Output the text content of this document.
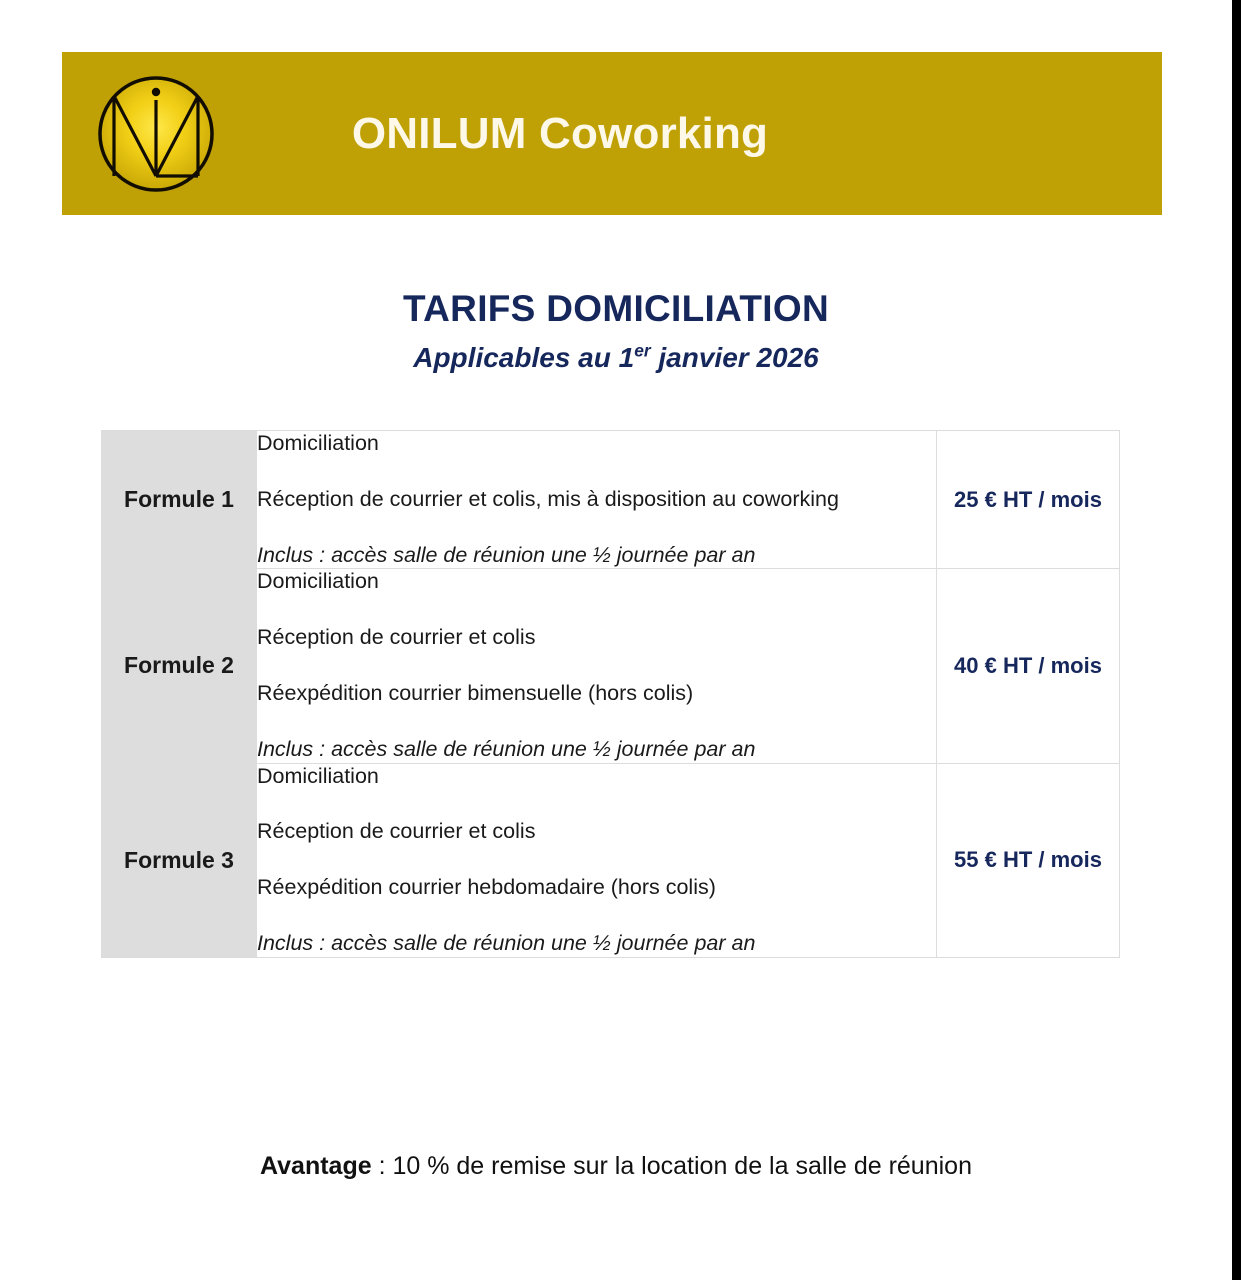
ONILUM Coworking
TARIFS DOMICILIATION
Applicables au 1er janvier 2026
Formule 1	Domiciliation
Réception de courrier et colis, mis à disposition au coworking
Inclus : accès salle de réunion une ½ journée par an	25 € HT / mois
Formule 2	Domiciliation
Réception de courrier et colis
Réexpédition courrier bimensuelle (hors colis)
Inclus : accès salle de réunion une ½ journée par an	40 € HT / mois
Formule 3	Domiciliation
Réception de courrier et colis
Réexpédition courrier hebdomadaire (hors colis)
Inclus : accès salle de réunion une ½ journée par an	55 € HT / mois
Avantage : 10 % de remise sur la location de la salle de réunion
